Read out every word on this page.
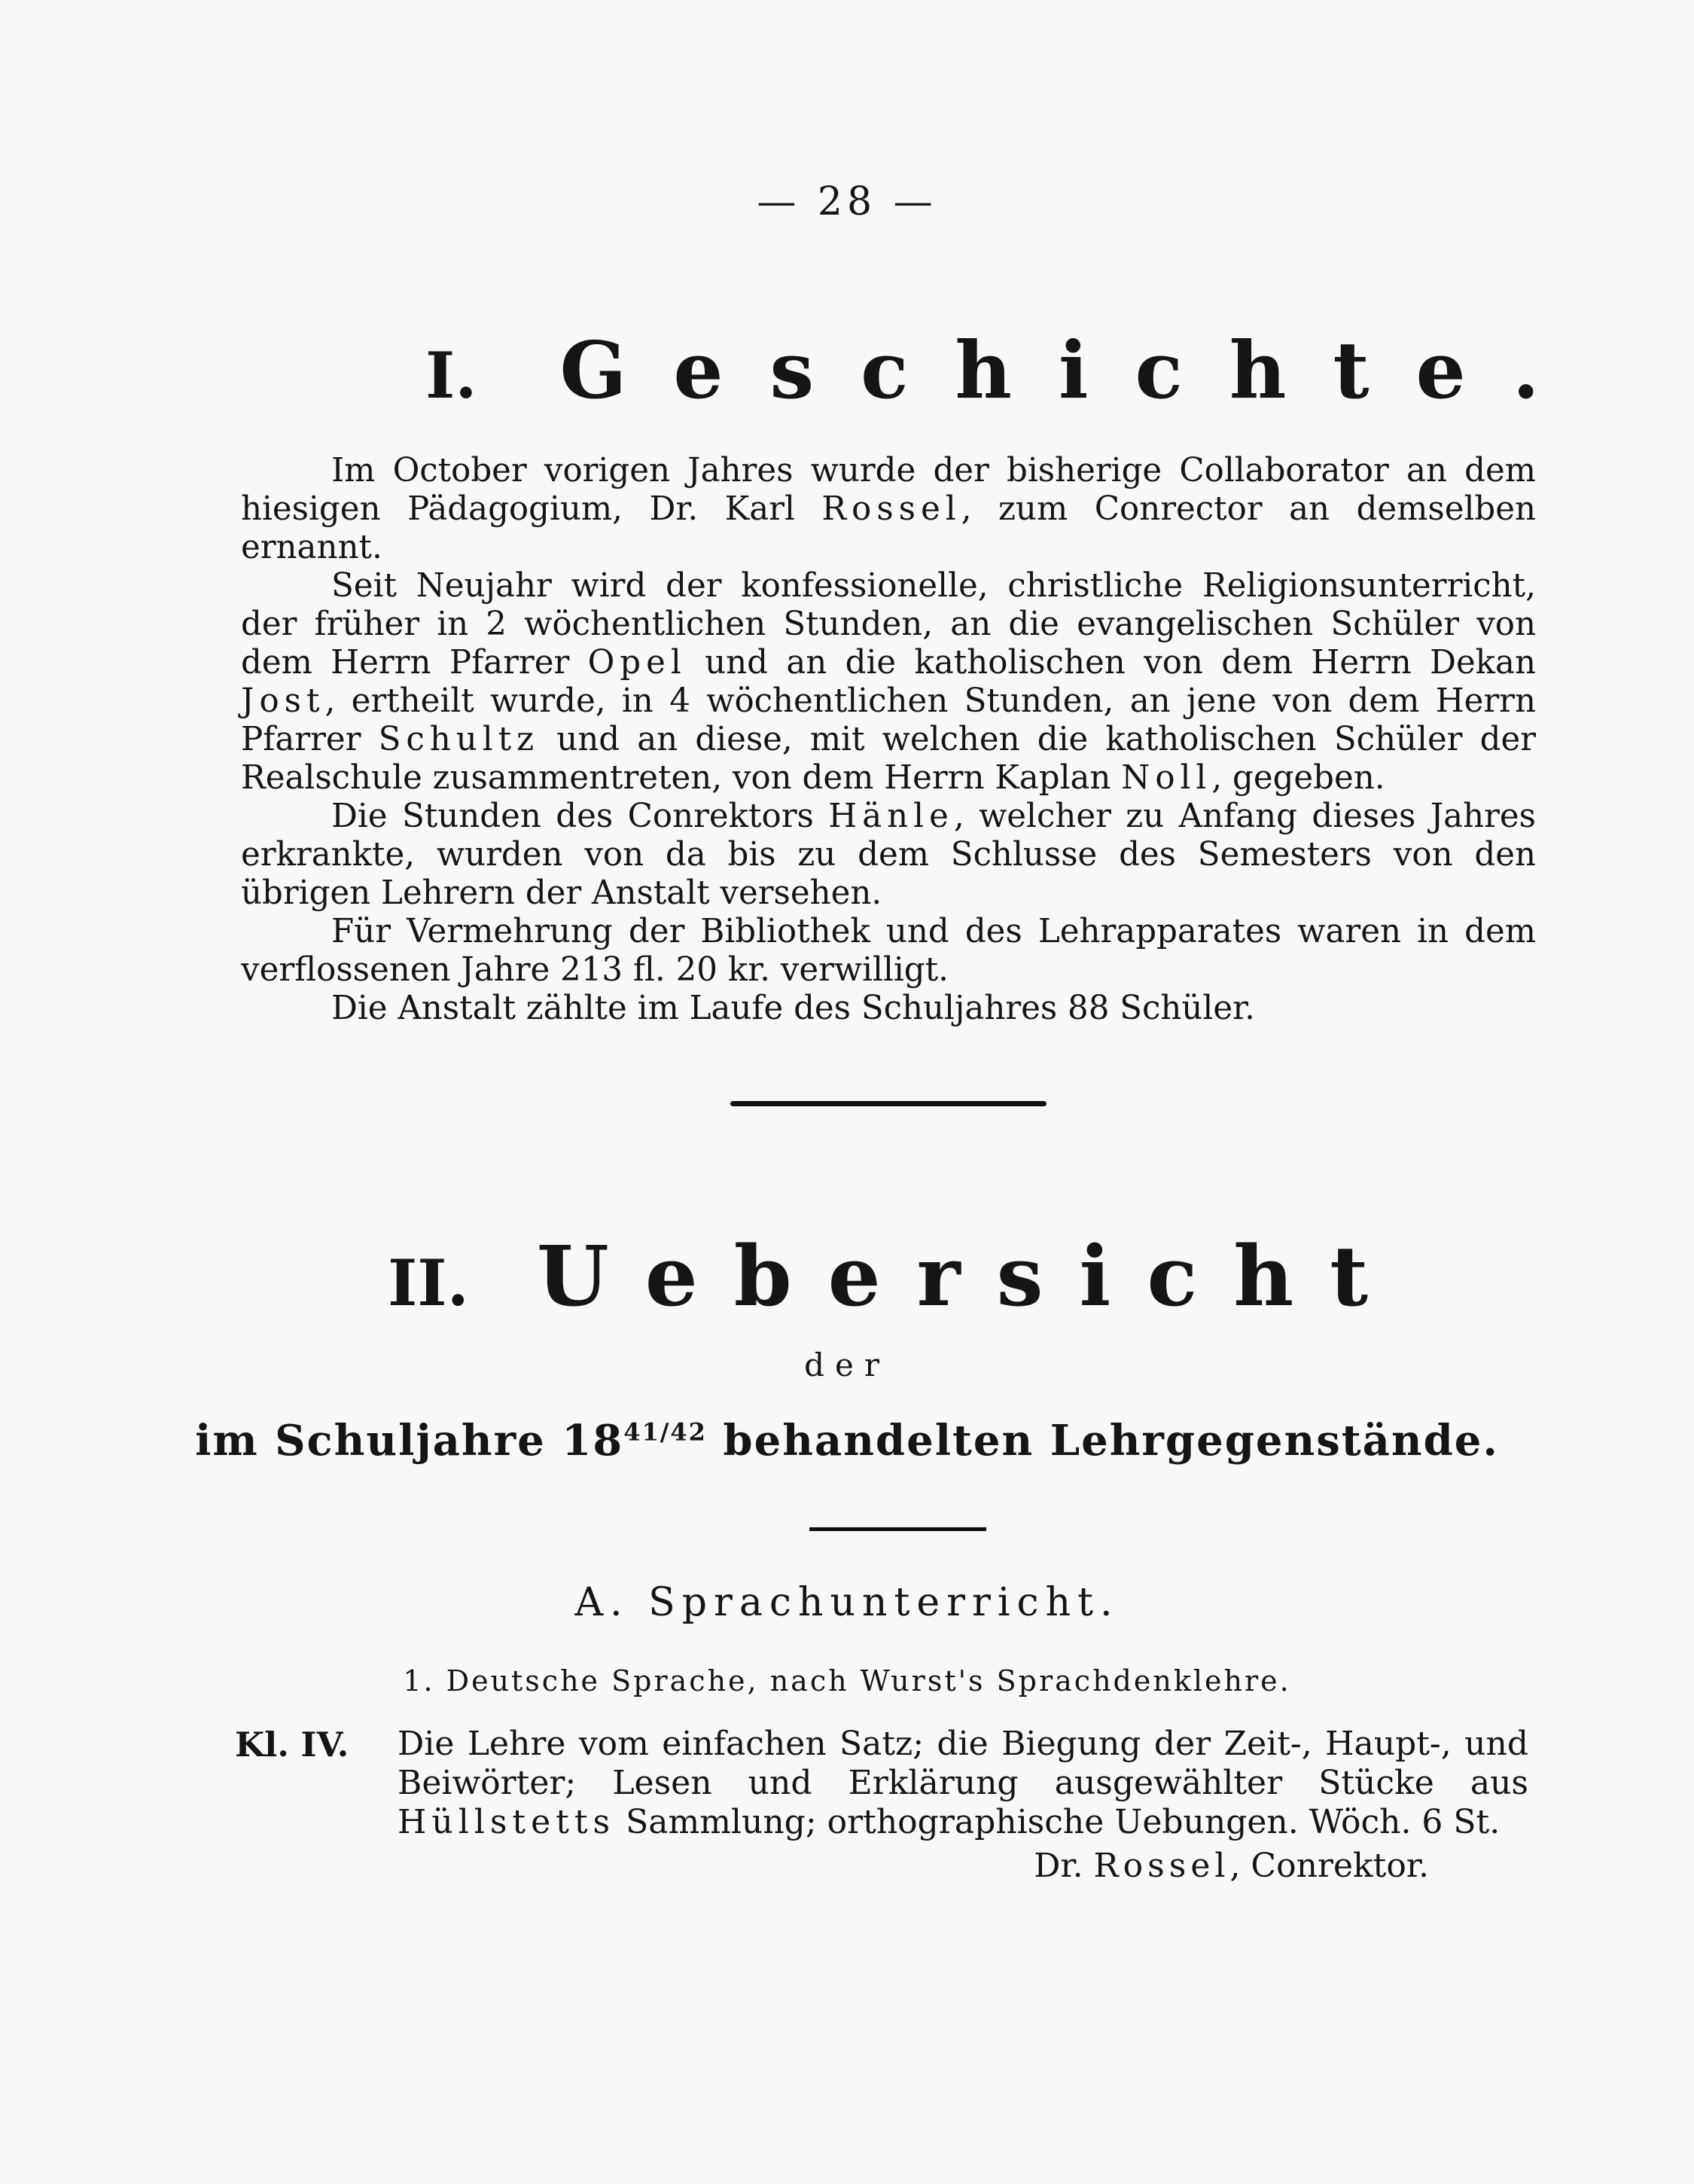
— 28 —
I. Geschichte.

Im October vorigen Jahres wurde der bisherige Collaborator an dem hiesigen Pädagogium, Dr. Karl Rossel, zum Conrector an demselben ernannt.

Seit Neujahr wird der konfessionelle, christliche Religionsunterricht, der früher in 2 wöchentlichen Stunden, an die evangelischen Schüler von dem Herrn Pfarrer Opel und an die katholischen von dem Herrn Dekan Jost, ertheilt wurde, in 4 wöchentlichen Stunden, an jene von dem Herrn Pfarrer Schultz und an diese, mit welchen die katholischen Schüler der Realschule zusammentreten, von dem Herrn Kaplan Noll, gegeben.

Die Stunden des Conrektors Hänle, welcher zu Anfang dieses Jahres erkrankte, wurden von da bis zu dem Schlusse des Semesters von den übrigen Lehrern der Anstalt versehen.

Für Vermehrung der Bibliothek und des Lehrapparates waren in dem verflossenen Jahre 213 fl. 20 kr. verwilligt.

Die Anstalt zählte im Laufe des Schuljahres 88 Schüler.

II. Uebersicht
der
im Schuljahre $18^{41/42}$ behandelten Lehrgegenstände.
A. Sprachunterricht.
1. Deutsche Sprache, nach Wurst's Sprachdenklehre.
Kl. IV. Die Lehre vom einfachen Satz; die Biegung der Zeit-, Haupt-, und Beiwörter; Lesen und Erklärung ausgewählter Stücke aus Hüllstetts Sammlung; orthographische Uebungen. Wöch. 6 St.
Dr. Rossel, Conrektor.
